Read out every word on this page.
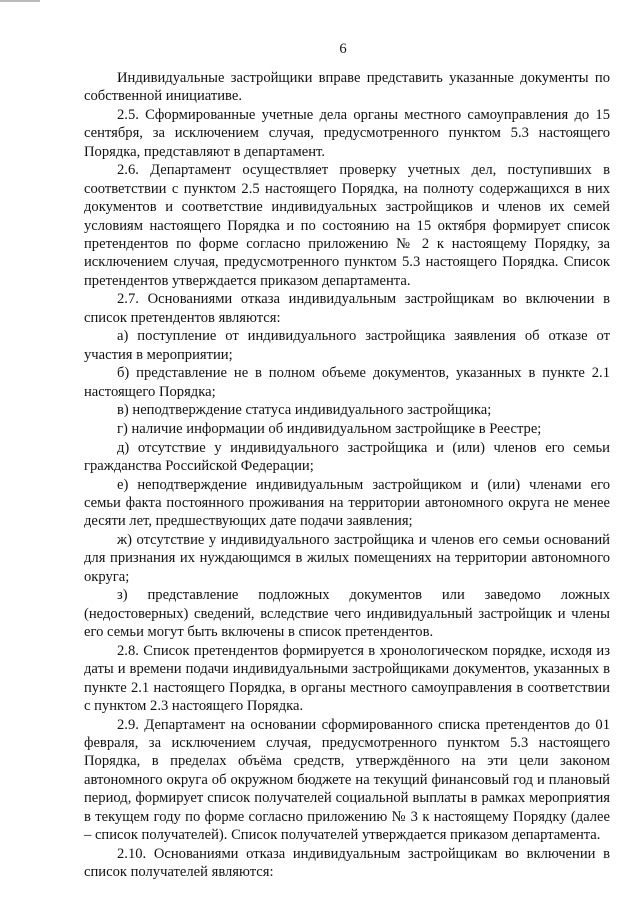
6

Индивидуальные застройщики вправе представить указанные документы по собственной инициативе.

2.5. Сформированные учетные дела органы местного самоуправления до 15 сентября, за исключением случая, предусмотренного пунктом 5.3 настоящего Порядка, представляют в департамент.

2.6. Департамент осуществляет проверку учетных дел, поступивших в соответствии с пунктом 2.5 настоящего Порядка, на полноту содержащихся в них документов и соответствие индивидуальных застройщиков и членов их семей условиям настоящего Порядка и по состоянию на 15 октября формирует список претендентов по форме согласно приложению № 2 к настоящему Порядку, за исключением случая, предусмотренного пунктом 5.3 настоящего Порядка. Список претендентов утверждается приказом департамента.

2.7. Основаниями отказа индивидуальным застройщикам во включении в список претендентов являются:

а) поступление от индивидуального застройщика заявления об отказе от участия в мероприятии;

б) представление не в полном объеме документов, указанных в пункте 2.1 настоящего Порядка;

в) неподтверждение статуса индивидуального застройщика;

г) наличие информации об индивидуальном застройщике в Реестре;

д) отсутствие у индивидуального застройщика и (или) членов его семьи гражданства Российской Федерации;

е) неподтверждение индивидуальным застройщиком и (или) членами его семьи факта постоянного проживания на территории автономного округа не менее десяти лет, предшествующих дате подачи заявления;

ж) отсутствие у индивидуального застройщика и членов его семьи оснований для признания их нуждающимся в жилых помещениях на территории автономного округа;

з) представление подложных документов или заведомо ложных (недостоверных) сведений, вследствие чего индивидуальный застройщик и члены его семьи могут быть включены в список претендентов.

2.8. Список претендентов формируется в хронологическом порядке, исходя из даты и времени подачи индивидуальными застройщиками документов, указанных в пункте 2.1 настоящего Порядка, в органы местного самоуправления в соответствии с пунктом 2.3 настоящего Порядка.

2.9. Департамент на основании сформированного списка претендентов до 01 февраля, за исключением случая, предусмотренного пунктом 5.3 настоящего Порядка, в пределах объёма средств, утверждённого на эти цели законом автономного округа об окружном бюджете на текущий финансовый год и плановый период, формирует список получателей социальной выплаты в рамках мероприятия в текущем году по форме согласно приложению № 3 к настоящему Порядку (далее – список получателей). Список получателей утверждается приказом департамента.

2.10. Основаниями отказа индивидуальным застройщикам во включении в список получателей являются:
